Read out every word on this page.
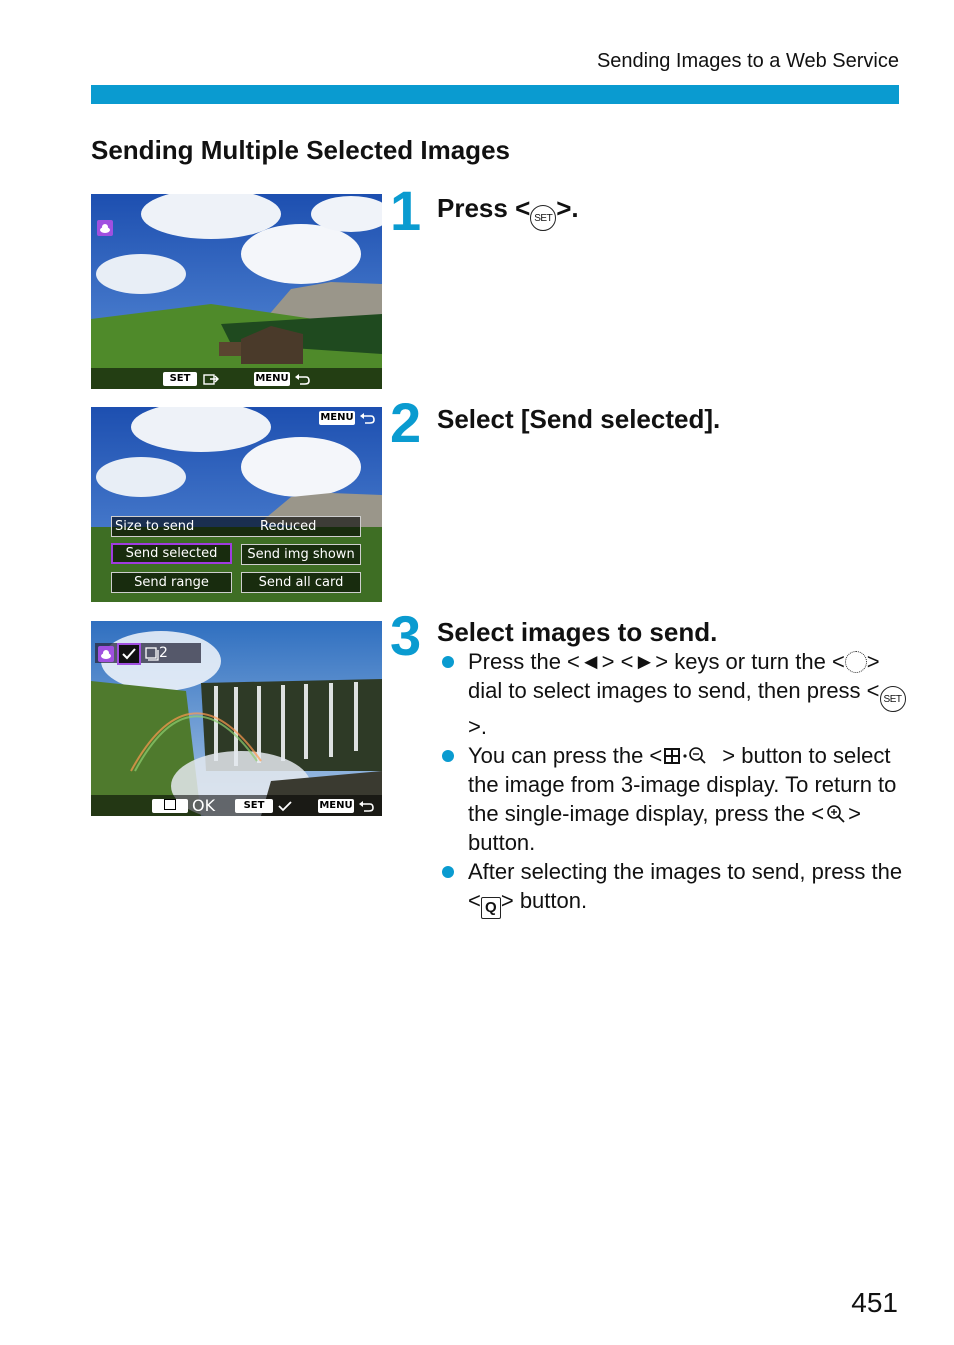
Sending Images to a Web Service
Sending Multiple Selected Images
SET	MENU
1 Press < SET >.
MENU
Size to send	Reduced
Send selected	Send img shown
Send range	Send all card
2 Select [Send selected].
2
OK	SET	MENU
3 Select images to send.

Press the <◄> <►> keys or turn the < > dial to select images to send, then press < SET>.

You can press the <	> button to select the image from 3-image display. To return to the single-image display, press the < > button.

After selecting the images to send, press the < Q > button.

451
